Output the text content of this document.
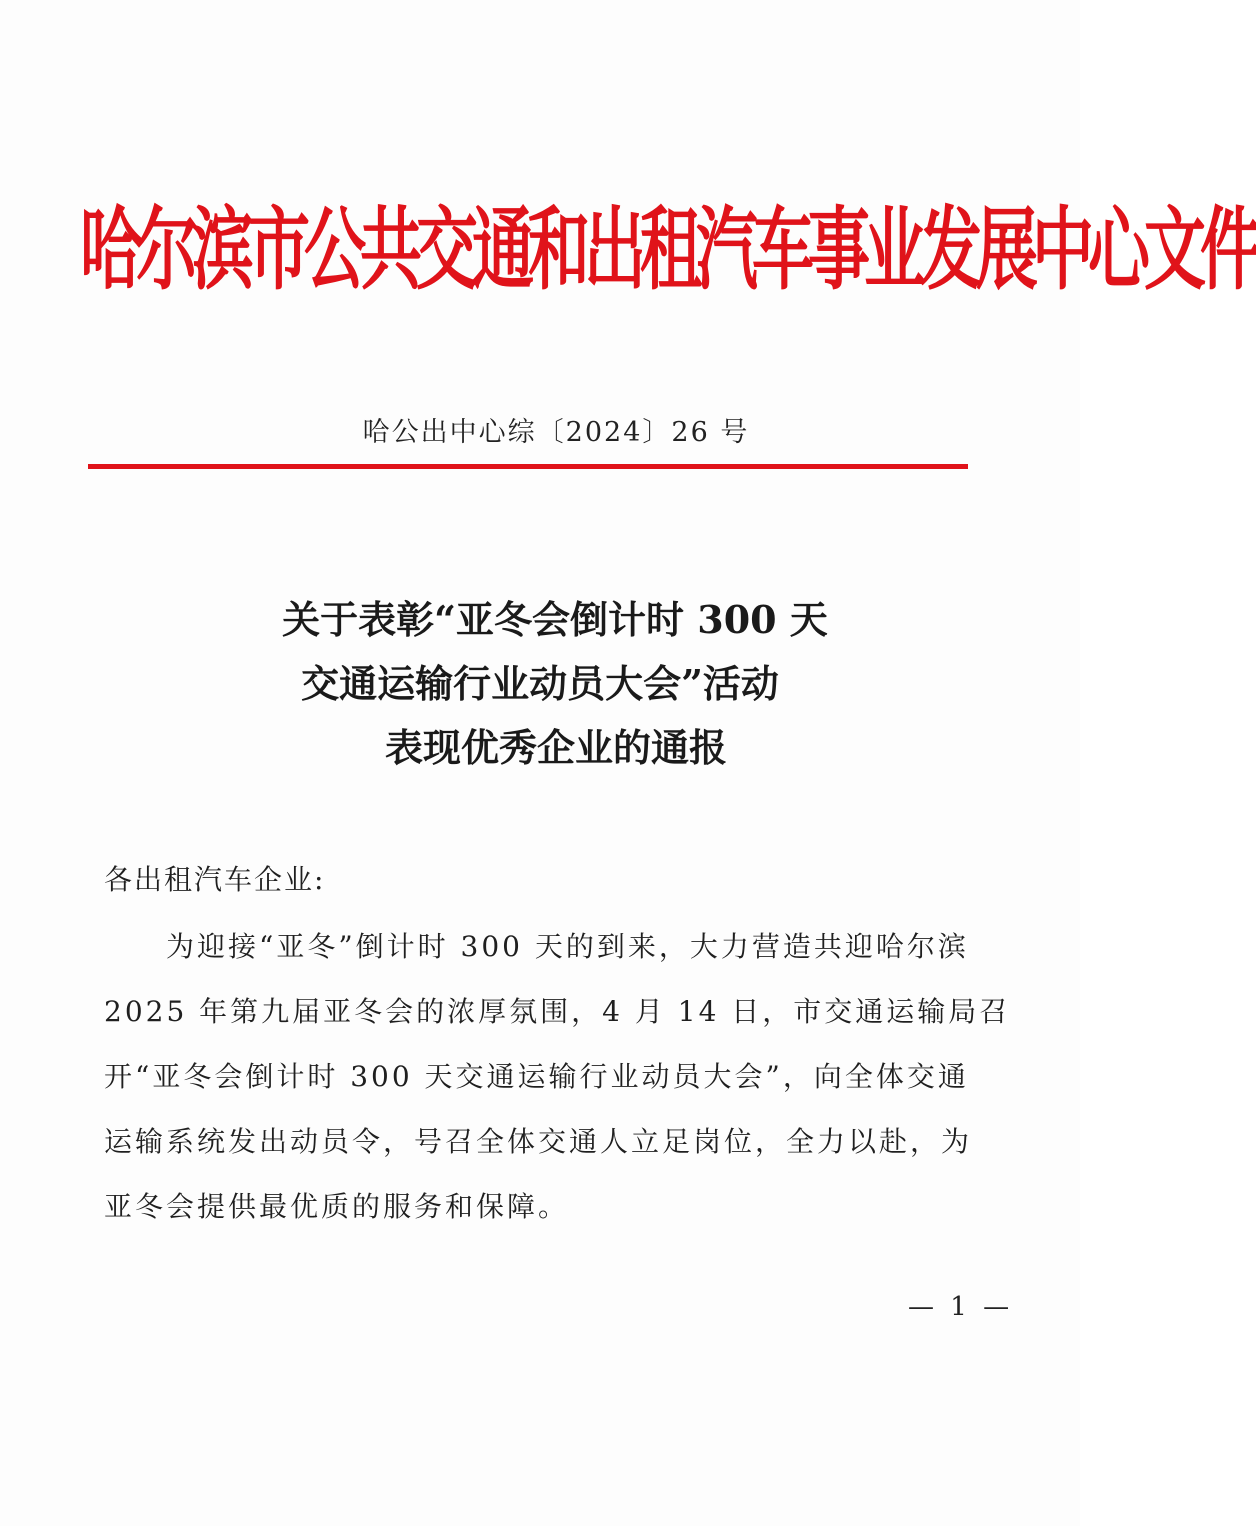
哈尔滨市公共交通和出租汽车事业发展中心文件
哈公出中心综〔2024〕26 号
关于表彰“亚冬会倒计时 300 天
交通运输行业动员大会”活动
表现优秀企业的通报
各出租汽车企业:
为迎接“亚冬”倒计时 300 天的到来，大力营造共迎哈尔滨
2025 年第九届亚冬会的浓厚氛围，4 月 14 日，市交通运输局召
开“亚冬会倒计时 300 天交通运输行业动员大会”，向全体交通
运输系统发出动员令，号召全体交通人立足岗位，全力以赴，为
亚冬会提供最优质的服务和保障。
— 1 —
